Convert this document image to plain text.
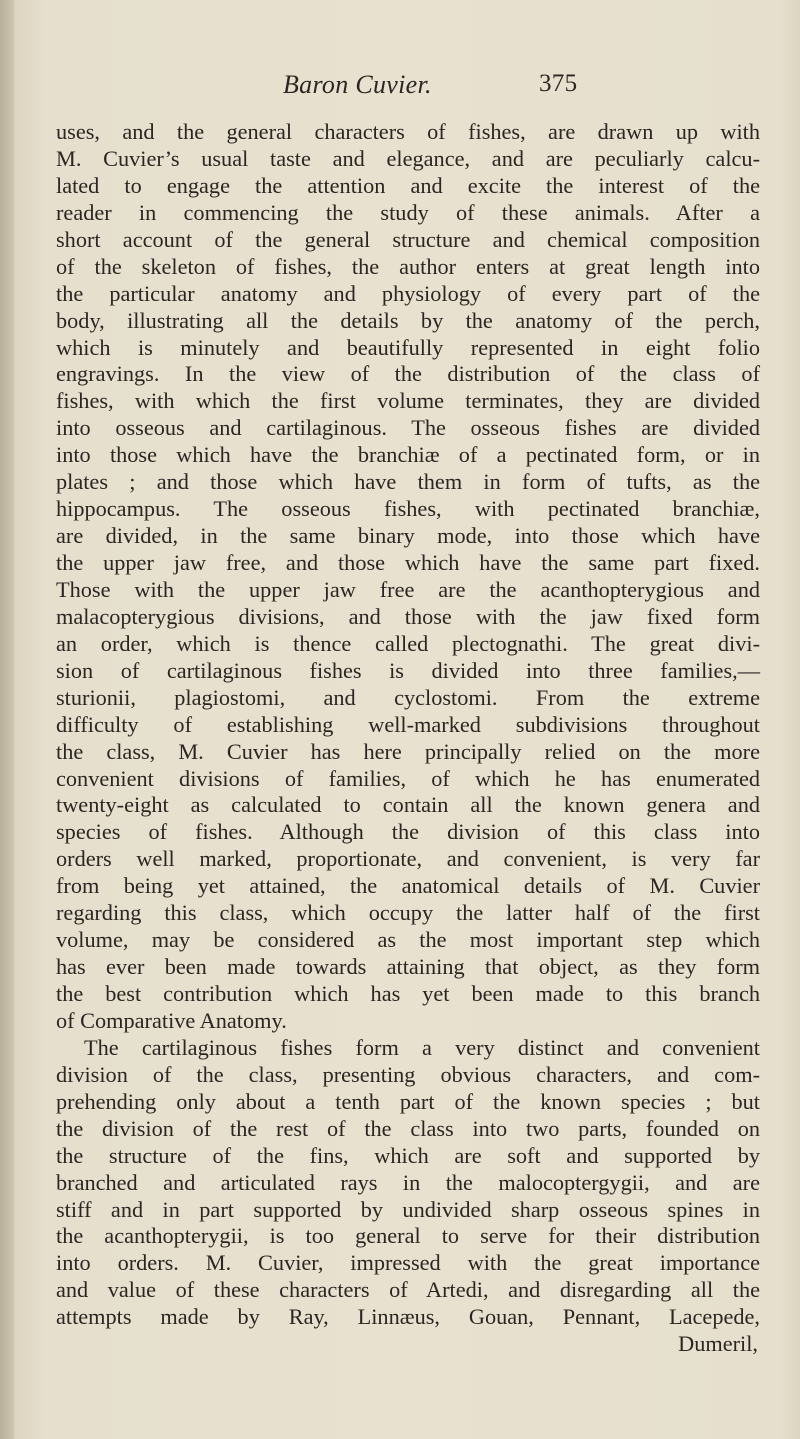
Baron Cuvier.	375
uses, and the general characters of fishes, are drawn up with
M. Cuvier’s usual taste and elegance, and are peculiarly calcu-
lated to engage the attention and excite the interest of the
reader in commencing the study of these animals. After a
short account of the general structure and chemical composition
of the skeleton of fishes, the author enters at great length into
the particular anatomy and physiology of every part of the
body, illustrating all the details by the anatomy of the perch,
which is minutely and beautifully represented in eight folio
engravings. In the view of the distribution of the class of
fishes, with which the first volume terminates, they are divided
into osseous and cartilaginous. The osseous fishes are divided
into those which have the branchiæ of a pectinated form, or in
plates ; and those which have them in form of tufts, as the
hippocampus. The osseous fishes, with pectinated branchiæ,
are divided, in the same binary mode, into those which have
the upper jaw free, and those which have the same part fixed.
Those with the upper jaw free are the acanthopterygious and
malacopterygious divisions, and those with the jaw fixed form
an order, which is thence called plectognathi. The great divi-
sion of cartilaginous fishes is divided into three families,—
sturionii, plagiostomi, and cyclostomi. From the extreme
difficulty of establishing well-marked subdivisions throughout
the class, M. Cuvier has here principally relied on the more
convenient divisions of families, of which he has enumerated
twenty-eight as calculated to contain all the known genera and
species of fishes. Although the division of this class into
orders well marked, proportionate, and convenient, is very far
from being yet attained, the anatomical details of M. Cuvier
regarding this class, which occupy the latter half of the first
volume, may be considered as the most important step which
has ever been made towards attaining that object, as they form
the best contribution which has yet been made to this branch
of Comparative Anatomy.
The cartilaginous fishes form a very distinct and convenient
division of the class, presenting obvious characters, and com-
prehending only about a tenth part of the known species ; but
the division of the rest of the class into two parts, founded on
the structure of the fins, which are soft and supported by
branched and articulated rays in the malocoptergygii, and are
stiff and in part supported by undivided sharp osseous spines in
the acanthopterygii, is too general to serve for their distribution
into orders. M. Cuvier, impressed with the great importance
and value of these characters of Artedi, and disregarding all the
attempts made by Ray, Linnæus, Gouan, Pennant, Lacepede,
Dumeril,
